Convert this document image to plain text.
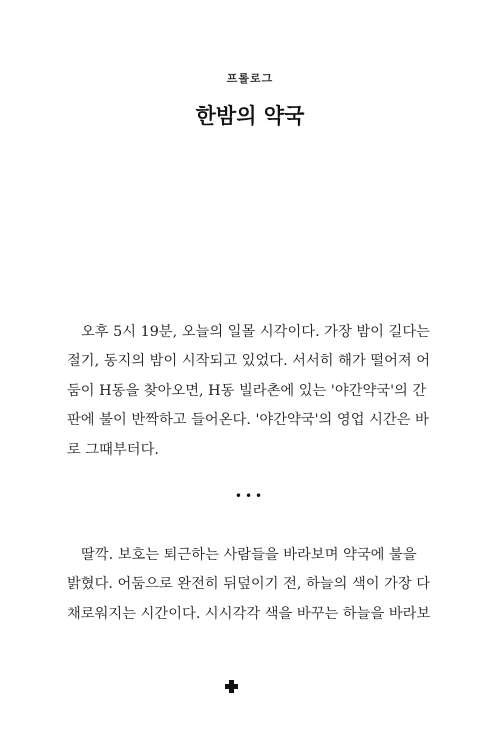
프롤로그
한밤의 약국

오후 5시 19분, 오늘의 일몰 시각이다. 가장 밤이 길다는
절기, 동지의 밤이 시작되고 있었다. 서서히 해가 떨어져 어
둠이 H동을 찾아오면, H동 빌라촌에 있는 '야간약국'의 간
판에 불이 반짝하고 들어온다. '야간약국'의 영업 시간은 바
로 그때부터다.

•••

딸깍. 보호는 퇴근하는 사람들을 바라보며 약국에 불을
밝혔다. 어둠으로 완전히 뒤덮이기 전, 하늘의 색이 가장 다
채로워지는 시간이다. 시시각각 색을 바꾸는 하늘을 바라보
